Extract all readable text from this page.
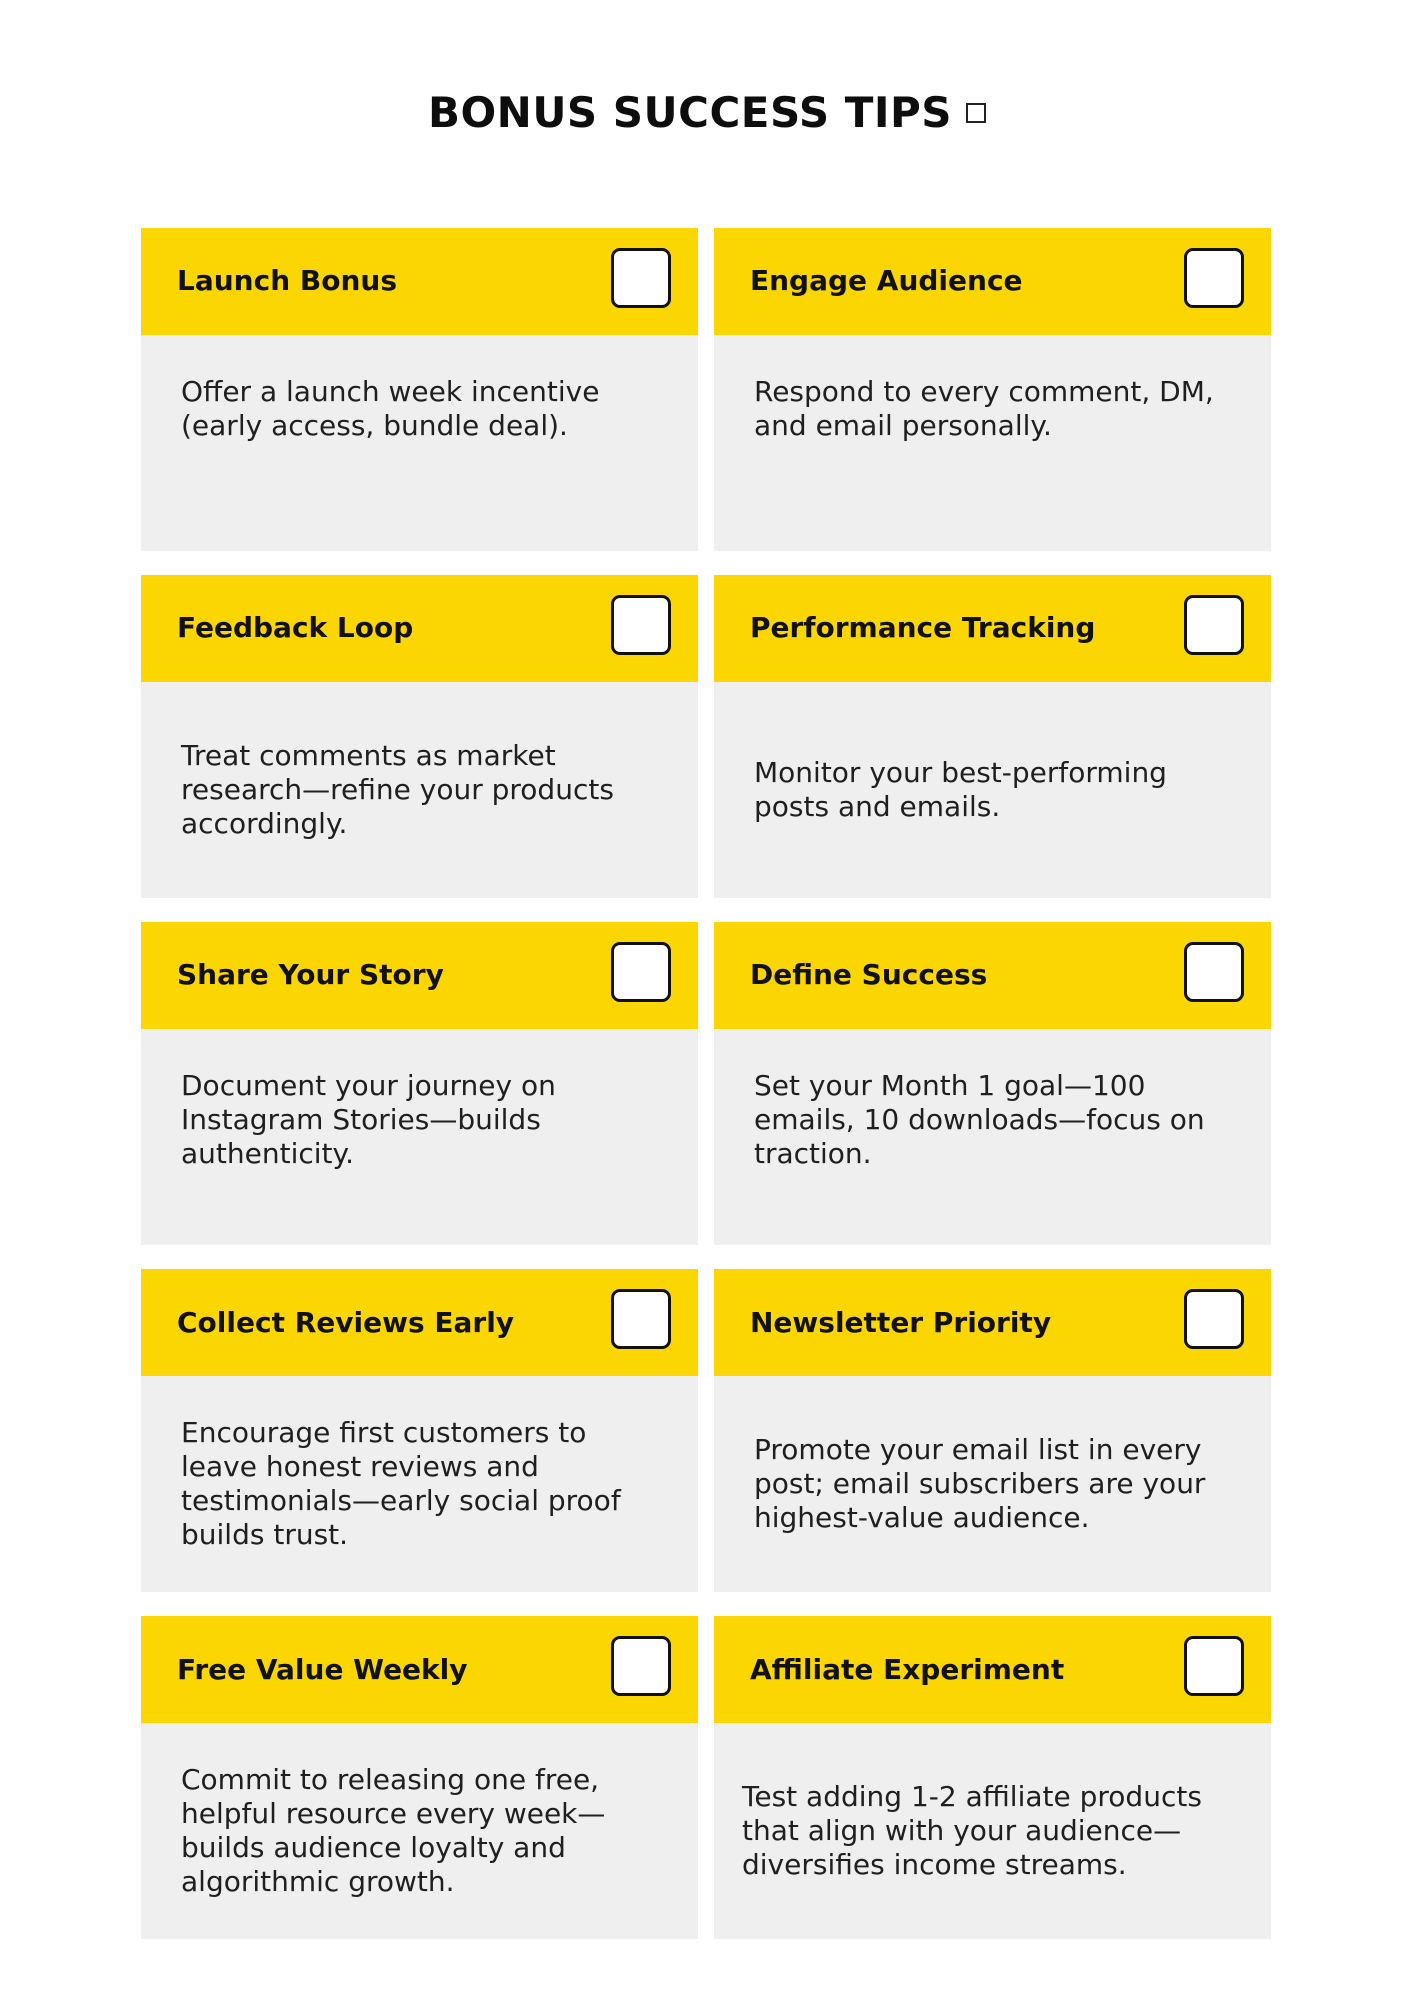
BONUS SUCCESS TIPS
Launch Bonus
Offer a launch week incentive (early access, bundle deal).
Engage Audience
Respond to every comment, DM, and email personally.
Feedback Loop
Treat comments as market research—refine your products accordingly.
Performance Tracking
Monitor your best-performing posts and emails.
Share Your Story
Document your journey on Instagram Stories—builds authenticity.
Define Success
Set your Month 1 goal—100 emails, 10 downloads—focus on traction.
Collect Reviews Early
Encourage first customers to leave honest reviews and testimonials—early social proof builds trust.
Newsletter Priority
Promote your email list in every post; email subscribers are your highest-value audience.
Free Value Weekly
Commit to releasing one free, helpful resource every week—builds audience loyalty and algorithmic growth.
Affiliate Experiment
Test adding 1-2 affiliate products that align with your audience—diversifies income streams.
